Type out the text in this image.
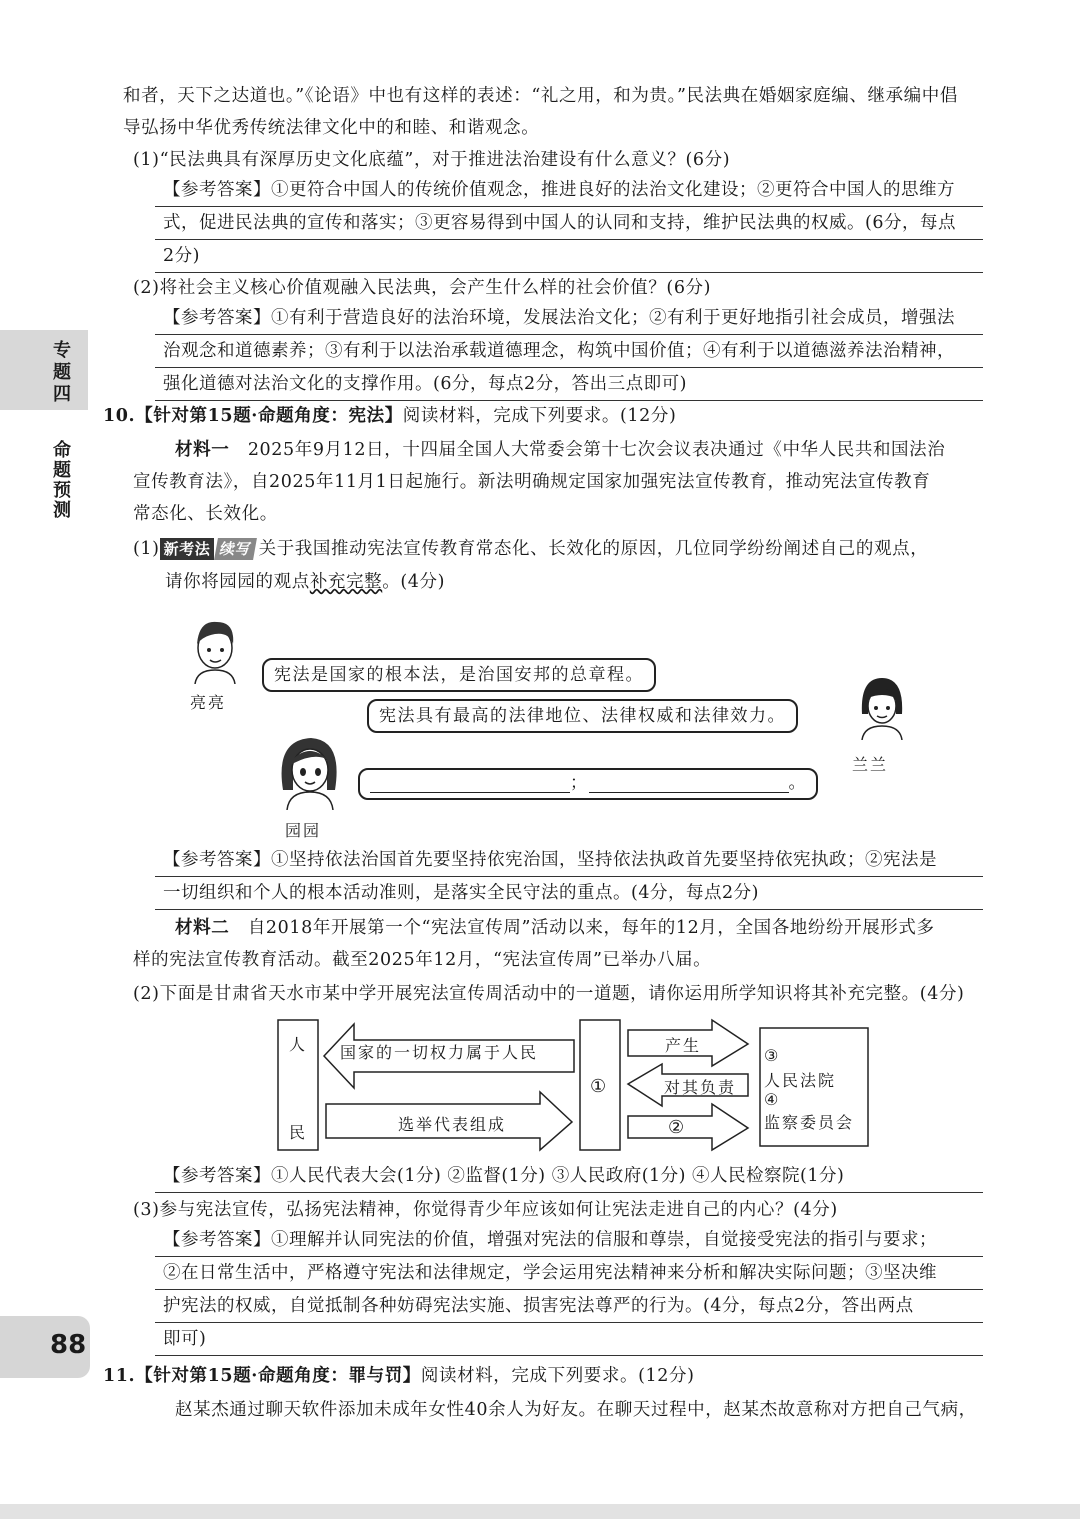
专
题
四
命
题
预
测
88
和者，天下之达道也。”《论语》中也有这样的表述：“礼之用，和为贵。”民法典在婚姻家庭编、继承编中倡
导弘扬中华优秀传统法律文化中的和睦、和谐观念。
(1)“民法典具有深厚历史文化底蕴”，对于推进法治建设有什么意义？(6分)
【参考答案】①更符合中国人的传统价值观念，推进良好的法治文化建设；②更符合中国人的思维方
式，促进民法典的宣传和落实；③更容易得到中国人的认同和支持，维护民法典的权威。(6分，每点
2分)
(2)将社会主义核心价值观融入民法典，会产生什么样的社会价值？(6分)
【参考答案】①有利于营造良好的法治环境，发展法治文化；②有利于更好地指引社会成员，增强法
治观念和道德素养；③有利于以法治承载道德理念，构筑中国价值；④有利于以道德滋养法治精神，
强化道德对法治文化的支撑作用。(6分，每点2分，答出三点即可)
10.【针对第15题·命题角度：宪法】阅读材料，完成下列要求。(12分)
材料一 2025年9月12日，十四届全国人大常委会第十七次会议表决通过《中华人民共和国法治
宣传教育法》，自2025年11月1日起施行。新法明确规定国家加强宪法宣传教育，推动宪法宣传教育
常态化、长效化。
(1) 新考法 续写 关于我国推动宪法宣传教育常态化、长效化的原因，几位同学纷纷阐述自己的观点，
请你将园园的观点补充完整。(4分)
亮亮
宪法是国家的根本法，是治国安邦的总章程。
兰兰
宪法具有最高的法律地位、法律权威和法律效力。
园园
；	。
【参考答案】①坚持依法治国首先要坚持依宪治国，坚持依法执政首先要坚持依宪执政；②宪法是
一切组织和个人的根本活动准则，是落实全民守法的重点。(4分，每点2分)
材料二 自2018年开展第一个“宪法宣传周”活动以来，每年的12月，全国各地纷纷开展形式多
样的宪法宣传教育活动。截至2025年12月，“宪法宣传周”已举办八届。
(2)下面是甘肃省天水市某中学开展宪法宣传周活动中的一道题，请你运用所学知识将其补充完整。(4分)
人
民
国家的一切权力属于人民
选举代表组成
①
产生
对其负责
②
③
人民法院
④
监察委员会
【参考答案】①人民代表大会(1分) ②监督(1分) ③人民政府(1分) ④人民检察院(1分)
(3)参与宪法宣传，弘扬宪法精神，你觉得青少年应该如何让宪法走进自己的内心？(4分)
【参考答案】①理解并认同宪法的价值，增强对宪法的信服和尊崇，自觉接受宪法的指引与要求；
②在日常生活中，严格遵守宪法和法律规定，学会运用宪法精神来分析和解决实际问题；③坚决维
护宪法的权威，自觉抵制各种妨碍宪法实施、损害宪法尊严的行为。(4分，每点2分，答出两点
即可)
11.【针对第15题·命题角度：罪与罚】阅读材料，完成下列要求。(12分)
赵某杰通过聊天软件添加未成年女性40余人为好友。在聊天过程中，赵某杰故意称对方把自己气病，
